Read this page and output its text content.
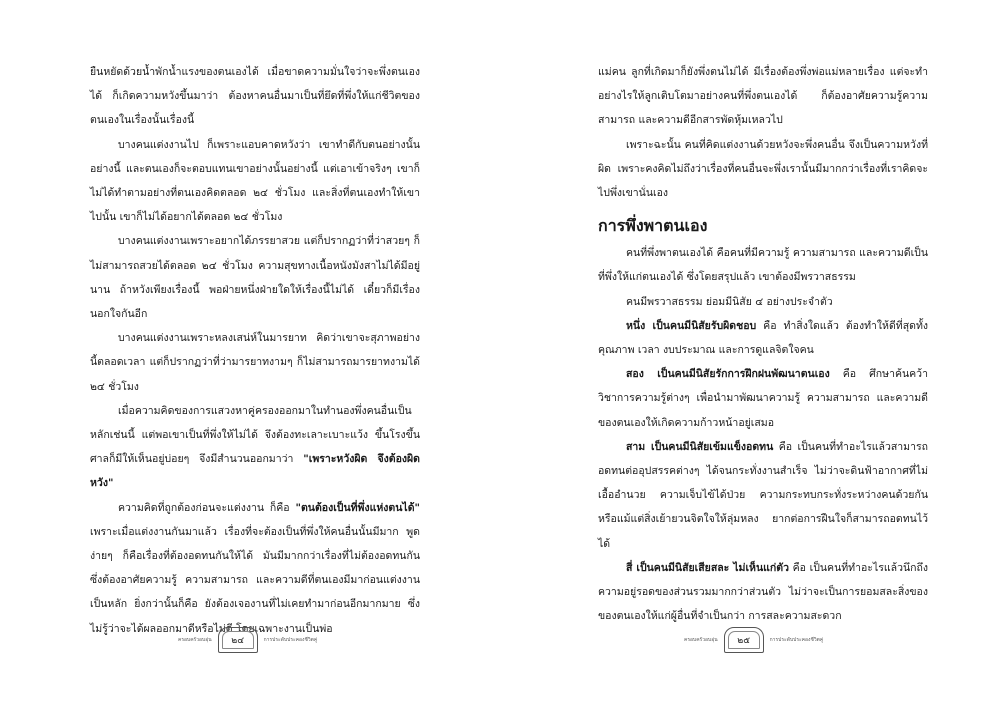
ยืนหยัดด้วยน้ำพักน้ำแรงของตนเองได้ เมื่อขาดความมั่นใจว่าจะพึ่งตนเองได้ ก็เกิดความหวังขึ้นมาว่า ต้องหาคนอื่นมาเป็นที่ยึดที่พึ่งให้แก่ชีวิตของตนเองในเรื่องนั้นเรื่องนี้

บางคนแต่งงานไป ก็เพราะแอบคาดหวังว่า เขาทำดีกับตนอย่างนั้นอย่างนี้ และตนเองก็จะตอบแทนเขาอย่างนั้นอย่างนี้ แต่เอาเข้าจริงๆ เขาก็ไม่ได้ทำตามอย่างที่ตนเองคิดตลอด ๒๔ ชั่วโมง และสิ่งที่ตนเองทำให้เขาไปนั้น เขาก็ไม่ได้อยากได้ตลอด ๒๔ ชั่วโมง

บางคนแต่งงานเพราะอยากได้ภรรยาสวย แต่ก็ปรากฏว่าที่ว่าสวยๆ ก็ไม่สามารถสวยได้ตลอด ๒๔ ชั่วโมง ความสุขทางเนื้อหนังมังสาไม่ได้มีอยู่นาน ถ้าหวังเพียงเรื่องนี้ พอฝ่ายหนึ่งฝ่ายใดให้เรื่องนี้ไม่ได้ เดี๋ยวก็มีเรื่องนอกใจกันอีก

บางคนแต่งงานเพราะหลงเสน่ห์ในมารยาท คิดว่าเขาจะสุภาพอย่างนี้ตลอดเวลา แต่ก็ปรากฏว่าที่ว่ามารยาทงามๆ ก็ไม่สามารถมารยาทงามได้ ๒๔ ชั่วโมง

เมื่อความคิดของการแสวงหาคู่ครองออกมาในทำนองพึ่งคนอื่นเป็นหลักเช่นนี้ แต่พอเขาเป็นที่พึ่งให้ไม่ได้ จึงต้องทะเลาะเบาะแว้ง ขึ้นโรงขึ้นศาลก็มีให้เห็นอยู่บ่อยๆ จึงมีสำนวนออกมาว่า "เพราะหวังผิด จึงต้องผิดหวัง"

ความคิดที่ถูกต้องก่อนจะแต่งงาน ก็คือ "ตนต้องเป็นที่พึ่งแห่งตนได้" เพราะเมื่อแต่งงานกันมาแล้ว เรื่องที่จะต้องเป็นที่พึ่งให้คนอื่นนั้นมีมาก พูดง่ายๆ ก็คือเรื่องที่ต้องอดทนกันให้ได้ มันมีมากกว่าเรื่องที่ไม่ต้องอดทนกัน ซึ่งต้องอาศัยความรู้ ความสามารถ และความดีที่ตนเองมีมาก่อนแต่งงานเป็นหลัก ยิ่งกว่านั้นก็คือ ยังต้องเจองานที่ไม่เคยทำมาก่อนอีกมากมาย ซึ่งไม่รู้ว่าจะได้ผลออกมาดีหรือไม่ดี โดยเฉพาะงานเป็นพ่อ

ครอบครัวอบอุ่น ๒๔	การประดับประคองชีวิตคู่

แม่คน ลูกที่เกิดมาก็ยังพึ่งตนไม่ได้ มีเรื่องต้องพึ่งพ่อแม่หลายเรื่อง แต่จะทำอย่างไรให้ลูกเติบโตมาอย่างคนที่พึ่งตนเองได้ ก็ต้องอาศัยความรู้ความสามารถ และความดีอีกสารพัดหุ้มเหลวไป

เพราะฉะนั้น คนที่คิดแต่งงานด้วยหวังจะพึ่งคนอื่น จึงเป็นความหวังที่ผิด เพราะคงคิดไม่ถึงว่าเรื่องที่คนอื่นจะพึ่งเรานั้นมีมากกว่าเรื่องที่เราคิดจะไปพึ่งเขานั่นเอง

การพึ่งพาตนเอง

คนที่พึ่งพาตนเองได้ คือคนที่มีความรู้ ความสามารถ และความดีเป็นที่พึ่งให้แก่ตนเองได้ ซึ่งโดยสรุปแล้ว เขาต้องมีพรวาสธรรม

คนมีพรวาสธรรม ย่อมมีนิสัย ๔ อย่างประจำตัว

หนึ่ง เป็นคนมีนิสัยรับผิดชอบ คือ ทำสิ่งใดแล้ว ต้องทำให้ดีที่สุดทั้งคุณภาพ เวลา งบประมาณ และการดูแลจิตใจคน

สอง เป็นคนมีนิสัยรักการฝึกฝนพัฒนาตนเอง คือ ศึกษาค้นคว้าวิชาการความรู้ต่างๆ เพื่อนำมาพัฒนาความรู้ ความสามารถ และความดีของตนเองให้เกิดความก้าวหน้าอยู่เสมอ

สาม เป็นคนมีนิสัยเข้มแข็งอดทน คือ เป็นคนที่ทำอะไรแล้วสามารถอดทนต่ออุปสรรคต่างๆ ได้จนกระทั่งงานสำเร็จ ไม่ว่าจะดินฟ้าอากาศที่ไม่เอื้ออำนวย ความเจ็บไข้ได้ป่วย ความกระทบกระทั่งระหว่างคนด้วยกัน หรือแม้แต่สิ่งเย้ายวนจิตใจให้ลุ่มหลง ยากต่อการฝืนใจก็สามารถอดทนไว้ได้

สี่ เป็นคนมีนิสัยเสียสละ ไม่เห็นแก่ตัว คือ เป็นคนที่ทำอะไรแล้วนึกถึงความอยู่รอดของส่วนรวมมากกว่าส่วนตัว ไม่ว่าจะเป็นการยอมสละสิ่งของของตนเองให้แก่ผู้อื่นที่จำเป็นกว่า การสละความสะดวก

ครอบครัวอบอุ่น ๒๕	การประดับประคองชีวิตคู่
